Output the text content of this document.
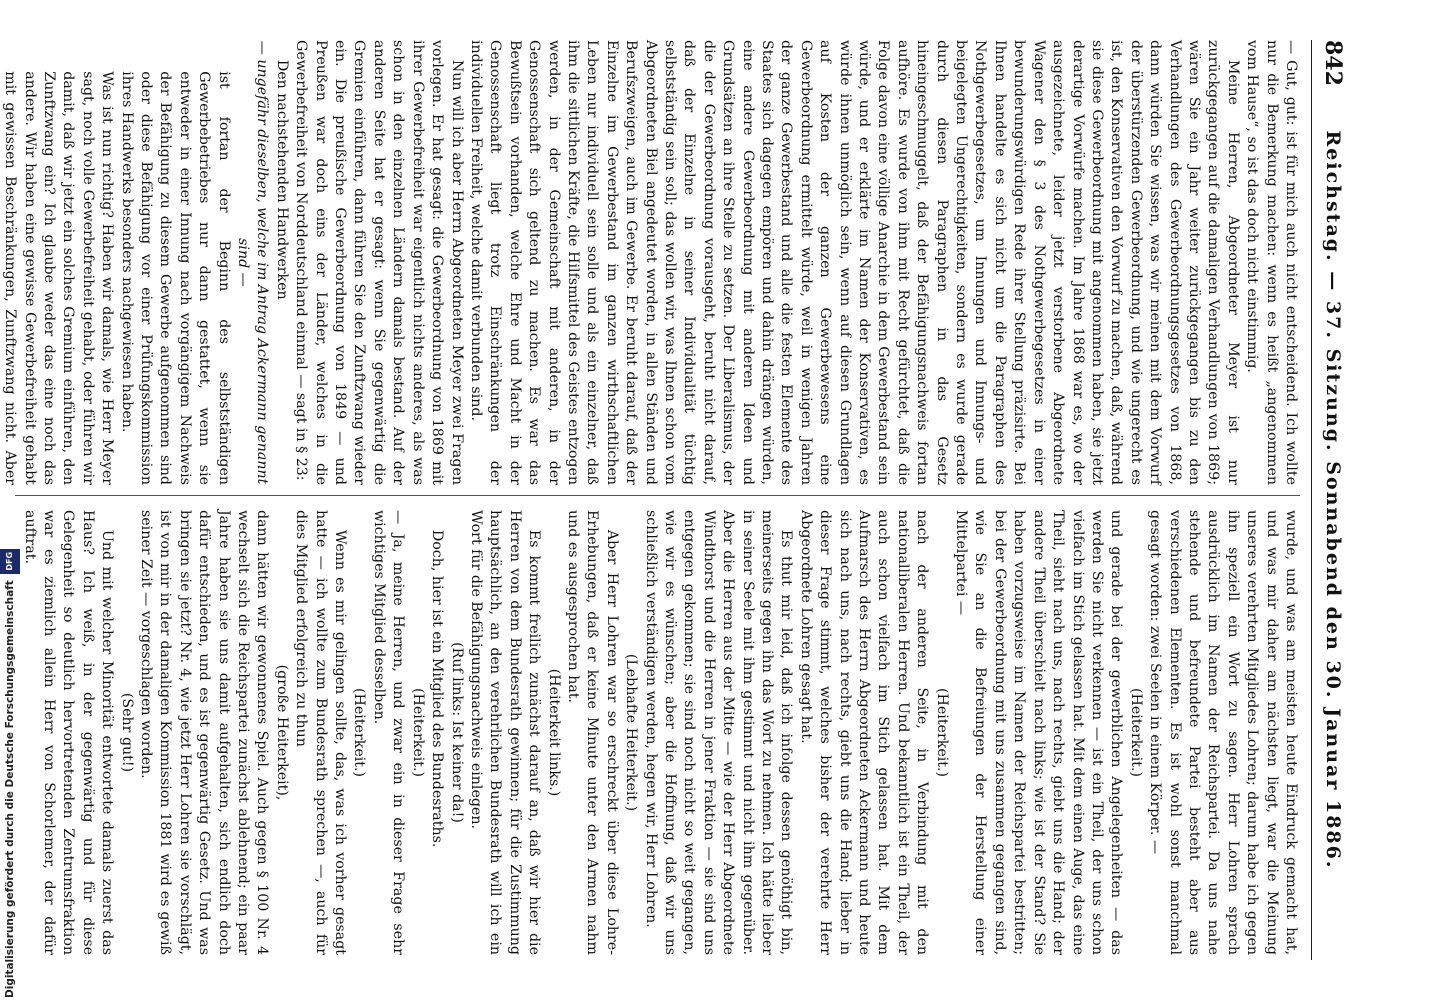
842
Reichstag. — 37. Sitzung. Sonnabend den 30. Januar 1886.

— Gut, gut: ist für mich auch nicht entscheidend. Ich wollte nur die Bemerkung machen: wenn es heißt „angenommen vom Hause“, so ist das doch nicht einstimmig.

Meine Herren, Abgeordneter Meyer ist nur zurückgegangen auf die damaligen Verhandlungen von 1869; wären Sie ein Jahr weiter zurückgegangen bis zu den Verhandlungen des Gewerbeordnungsgesetzes von 1868, dann würden Sie wissen, was wir meinen mit dem Vorwurf der überstürzenden Gewerbeordnung, und wie ungerecht es ist, den Konservativen den Vorwurf zu machen, daß, während sie diese Gewerbeordnung mit angenommen haben, sie jetzt derartige Vorwürfe machen. Im Jahre 1868 war es, wo der ausgezeichnete, leider jetzt verstorbene Abgeordnete Wagener den § 3 des Nothgewerbegesetzes in einer bewunderungswürdigen Rede ihrer Stellung präzisirte. Bei Ihnen handelte es sich nicht um die Paragraphen des Nothgewerbegesetzes, um Innungen und Innungs- und beigelegten Ungerechtigkeiten, sondern es wurde gerade durch diesen Paragraphen in das Gesetz hineingeschmuggelt, daß der Befähigungsnachweis fortan aufhöre. Es wurde von ihm mit Recht gefürchtet, daß die Folge davon eine völlige Anarchie in dem Gewerbestand sein würde, und er erklärte im Namen der Konservativen, es würde ihnen unmöglich sein, wenn auf diesen Grundlagen auf Kosten der ganzen Gewerbewesens eine Gewerbeordnung ermittelt würde, weil in wenigen Jahren der ganze Gewerbestand und alle die festen Elemente des Staates sich dagegen empören und dahin drängen würden, eine andere Gewerbeordnung mit anderen Ideen und Grundsätzen an ihre Stelle zu setzen. Der Liberalismus, der die der Gewerbeordnung vorausgeht, beruht nicht darauf, daß der Einzelne in seiner Individualität tüchtig selbstständig sein soll; das wollen wir, was Ihnen schon vom Abgeordneten Biel angedeutet worden, in allen Ständen und Berufszweigen, auch im Gewerbe. Er beruht darauf, daß der Einzelne im Gewerbestand im ganzen wirthschaftlichen Leben nur individuell sein solle und als ein einzelner, daß ihm die sittlichen Kräfte, die Hilfsmittel des Geistes entzogen werden, in der Gemeinschaft mit anderen, in der Genossenschaft sich geltend zu machen. Es war das Bewußtsein vorhanden, welche Ehre und Macht in der Genossenschaft liegt trotz Einschränkungen der individuellen Freiheit, welche damit verbunden sind.

Nun will ich aber Herrn Abgeordneten Meyer zwei Fragen vorlegen. Er hat gesagt: die Gewerbeordnung von 1869 mit ihrer Gewerbefreiheit war eigentlich nichts anderes, als was schon in den einzelnen Ländern damals bestand. Auf der anderen Seite hat er gesagt: wenn Sie gegenwärtig die Gremien einführen, dann führen Sie den Zunftzwang wieder ein. Die preußische Gewerbeordnung von 1849 — und Preußen war doch eins der Länder, welches in die Gewerbefreiheit von Norddeutschland einmal — sagt in § 23:

Den nachstehenden Handwerken

— ungefähr dieselben, welche im Antrag Ackermann genannt sind —

ist fortan der Beginn des selbstständigen Gewerbebetriebes nur dann gestattet, wenn sie entweder in einer Innung nach vorgängigem Nachweis der Befähigung zu diesem Gewerbe aufgenommen sind oder diese Befähigung vor einer Prüfungskommission ihres Handwerks besonders nachgewiesen haben.

Was ist nun richtig? Haben wir damals, wie Herr Meyer sagt, noch volle Gewerbefreiheit gehabt, oder führen wir damit, daß wir jetzt ein solches Gremium einführen, den Zunftzwang ein? Ich glaube weder das eine noch das andere. Wir haben eine gewisse Gewerbefreiheit gehabt mit gewissen Beschränkungen, Zunftzwang nicht. Aber

wurde, und was am meisten heute Eindruck gemacht hat, und was mir daher am nächsten liegt, war die Meinung unseres verehrten Mitgliedes Lohren; darum habe ich gegen ihn speziell ein Wort zu sagen. Herr Lohren sprach ausdrücklich im Namen der Reichspartei. Da uns nahe stehende und befreundete Partei besteht aber aus verschiedenen Elementen. Es ist wohl sonst manchmal gesagt worden: zwei Seelen in einem Körper. —

(Heiterkeit.)

und gerade bei der gewerblichen Angelegenheiten — das werden Sie nicht verkennen — ist ein Theil, der uns schon vielfach im Stich gelassen hat. Mit dem einen Auge, das eine Theil, sieht nach uns, nach rechts, giebt uns die Hand; der andere Theil überschielt nach links; wie ist der Stand? Sie haben vorzugsweise im Namen der Reichspartei bestritten; bei der Gewerbeordnung mit uns zusammen gegangen sind, wie Sie an die Befreiungen der Herstellung einer Mittelpartei —

(Heiterkeit.)

nach der anderen Seite, in Verbindung mit den nationalliberalen Herren. Und bekanntlich ist ein Theil, der auch schon vielfach im Stich gelassen hat. Mit dem Aufmarsch des Herrn Abgeordneten Ackermann und heute sich nach uns, nach rechts, giebt uns die Hand; lieber in dieser Frage stimmt, welches bisher der verehrte Herr Abgeordnete Lohren gesagt hat.

Es thut mir leid, daß ich infolge dessen genöthigt bin, meinerseits gegen ihn das Wort zu nehmen. Ich hätte lieber in seiner Seele mit ihm gestimmt und nicht ihm gegenüber. Aber die Herren aus der Mitte — wie der Herr Abgeordnete Windthorst und die Herren in jener Fraktion — sie sind uns entgegen gekommen; sie sind noch nicht so weit gegangen, wie wir es wünschen; aber die Hoffnung, daß wir uns schließlich verständigen werden, hegen wir, Herr Lohren.

(Lebhafte Heiterkeit.)

Aber Herr Lohren war so erschreckt über diese Lohre-Erhebungen, daß er keine Minute unter den Armen nahm und es ausgesprochen hat.

(Heiterkeit links.)

Es kommt freilich zunächst darauf an, daß wir hier die Herren von dem Bundesrath gewinnen; für die Zustimmung hauptsächlich, an den verehrlichen Bundesrath will ich ein Wort für die Befähigungsnachweis einlegen.

(Ruf links: Ist keiner da!)

Doch, hier ist ein Mitglied des Bundesraths.

(Heiterkeit.)

— Ja, meine Herren, und zwar ein in dieser Frage sehr wichtiges Mitglied desselben.

(Heiterkeit.)

Wenn es mir gelingen sollte, das, was ich vorher gesagt hatte — ich wollte zum Bundesrath sprechen —, auch für dies Mitglied erfolgreich zu thun

(große Heiterkeit),

dann hätten wir gewonnenes Spiel. Auch gegen § 100 Nr. 4 wechselt sich die Reichspartei zunächst ablehnend; ein paar Jahre haben sie uns damit aufgehalten, sich endlich doch dafür entschieden, und es ist gegenwärtig Gesetz. Und was bringen sie jetzt? Nr. 4, wie jetzt Herr Lohren sie vorschlägt, ist von mir in der damaligen Kommission 1881 wird es gewiß seiner Zeit — vorgeschlagen worden.

(Sehr gut!)

Und mit welcher Minorität entwortete damals zuerst das Haus? Ich weiß, in der gegenwärtig und für diese Gelegenheit so deutlich hervortretenden Zentrumsfraktion war es ziemlich allein Herr von Schorlemer, der dafür auftrat.

Digitalisierung gefördert durch die Deutsche Forschungsgemeinschaft DFG
